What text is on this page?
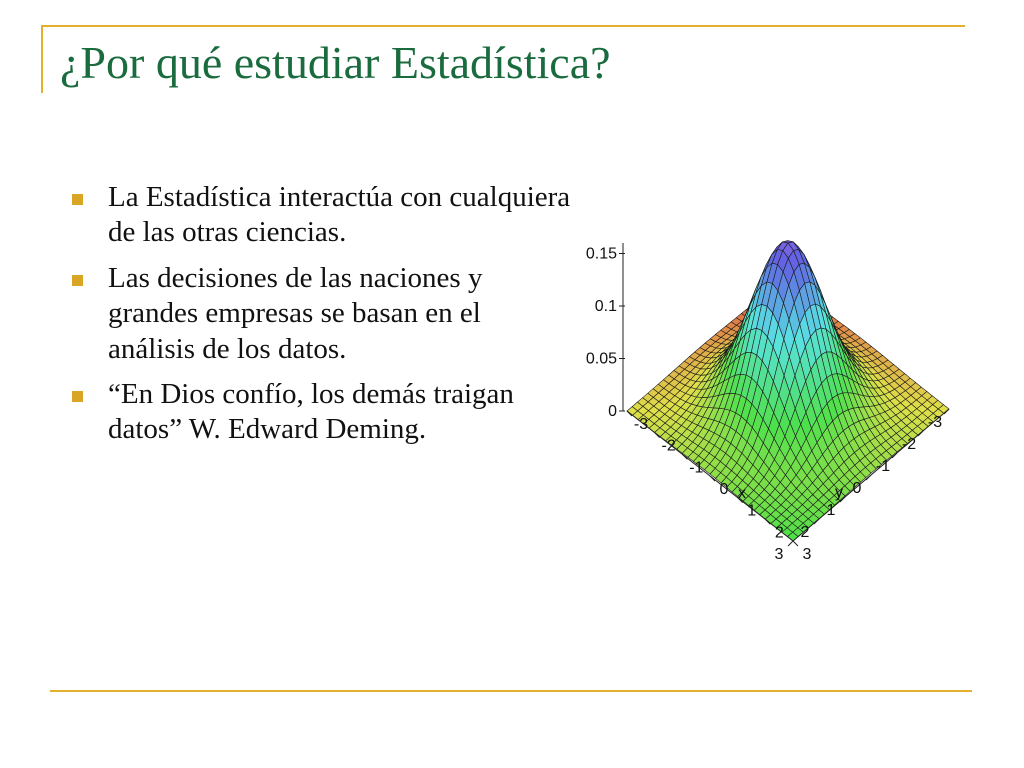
¿Por qué estudiar Estadística?
La Estadística interactúa con cualquiera de las otras ciencias.
Las decisiones de las naciones y grandes empresas se basan en el análisis de los datos.
“En Dios confío, los demás traigan datos” W. Edward Deming.
0
0.05
0.1
0.15
-3
-2
-1
0
1
2
3
-3
-2
-1
0
1
2
3
y
x
